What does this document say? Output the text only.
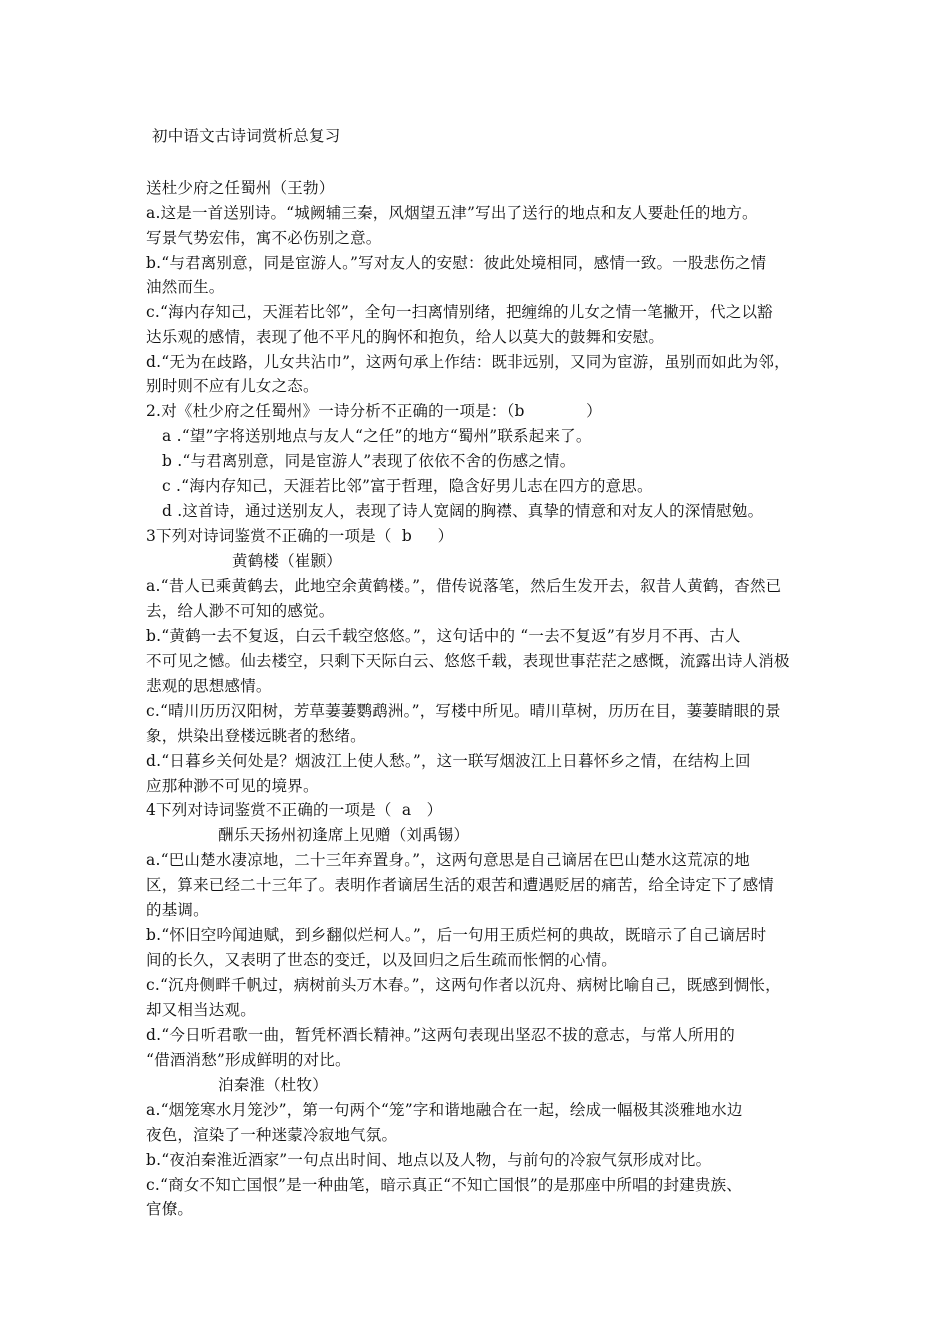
初中语文古诗词赏析总复习
送杜少府之任蜀州（王勃）
a.这是一首送别诗。“城阙辅三秦，风烟望五津”写出了送行的地点和友人要赴任的地方。
写景气势宏伟，寓不必伤别之意。
b.“与君离别意，同是宦游人。”写对友人的安慰：彼此处境相同，感情一致。一股悲伤之情
油然而生。
c.“海内存知己，天涯若比邻”，全句一扫离情别绪，把缠绵的儿女之情一笔撇开，代之以豁
达乐观的感情，表现了他不平凡的胸怀和抱负，给人以莫大的鼓舞和安慰。
d.“无为在歧路，儿女共沾巾”，这两句承上作结：既非远别，又同为宦游，虽别而如此为邻，
别时则不应有儿女之态。
2.对《杜少府之任蜀州》一诗分析不正确的一项是：（b            ）
a .“望”字将送别地点与友人“之任”的地方“蜀州”联系起来了。
b .“与君离别意，同是宦游人”表现了依依不舍的伤感之情。
c .“海内存知己，天涯若比邻”富于哲理，隐含好男儿志在四方的意思。
d .这首诗，通过送别友人，表现了诗人宽阔的胸襟、真挚的情意和对友人的深情慰勉。
3下列对诗词鉴赏不正确的一项是（  b     ）
黄鹤楼（崔颢）
a.“昔人已乘黄鹤去，此地空余黄鹤楼。”，借传说落笔，然后生发开去，叙昔人黄鹤，杳然已
去，给人渺不可知的感觉。
b.“黄鹤一去不复返，白云千载空悠悠。”，这句话中的 “一去不复返”有岁月不再、古人
不可见之憾。仙去楼空，只剩下天际白云、悠悠千载，表现世事茫茫之感慨，流露出诗人消极
悲观的思想感情。
c.“晴川历历汉阳树，芳草萋萋鹦鹉洲。”，写楼中所见。晴川草树，历历在目，萋萋睛眼的景
象，烘染出登楼远眺者的愁绪。
d.“日暮乡关何处是？烟波江上使人愁。”，这一联写烟波江上日暮怀乡之情，在结构上回
应那种渺不可见的境界。
4下列对诗词鉴赏不正确的一项是（  a   ）
酬乐天扬州初逢席上见赠（刘禹锡）
a.“巴山楚水凄凉地，二十三年弃置身。”，这两句意思是自己谪居在巴山楚水这荒凉的地
区，算来已经二十三年了。表明作者谪居生活的艰苦和遭遇贬居的痛苦，给全诗定下了感情
的基调。
b.“怀旧空吟闻迪赋，到乡翻似烂柯人。”，后一句用王质烂柯的典故，既暗示了自己谪居时
间的长久，又表明了世态的变迁，以及回归之后生疏而怅惘的心情。
c.“沉舟侧畔千帆过，病树前头万木春。”，这两句作者以沉舟、病树比喻自己，既感到惆怅，
却又相当达观。
d.“今日听君歌一曲，暂凭杯酒长精神。”这两句表现出坚忍不拔的意志，与常人所用的
“借酒消愁”形成鲜明的对比。
泊秦淮（杜牧）
a.“烟笼寒水月笼沙”，第一句两个“笼”字和谐地融合在一起，绘成一幅极其淡雅地水边
夜色，渲染了一种迷蒙冷寂地气氛。
b.“夜泊秦淮近酒家”一句点出时间、地点以及人物，与前句的冷寂气氛形成对比。
c.“商女不知亡国恨”是一种曲笔，暗示真正“不知亡国恨”的是那座中所唱的封建贵族、
官僚。
